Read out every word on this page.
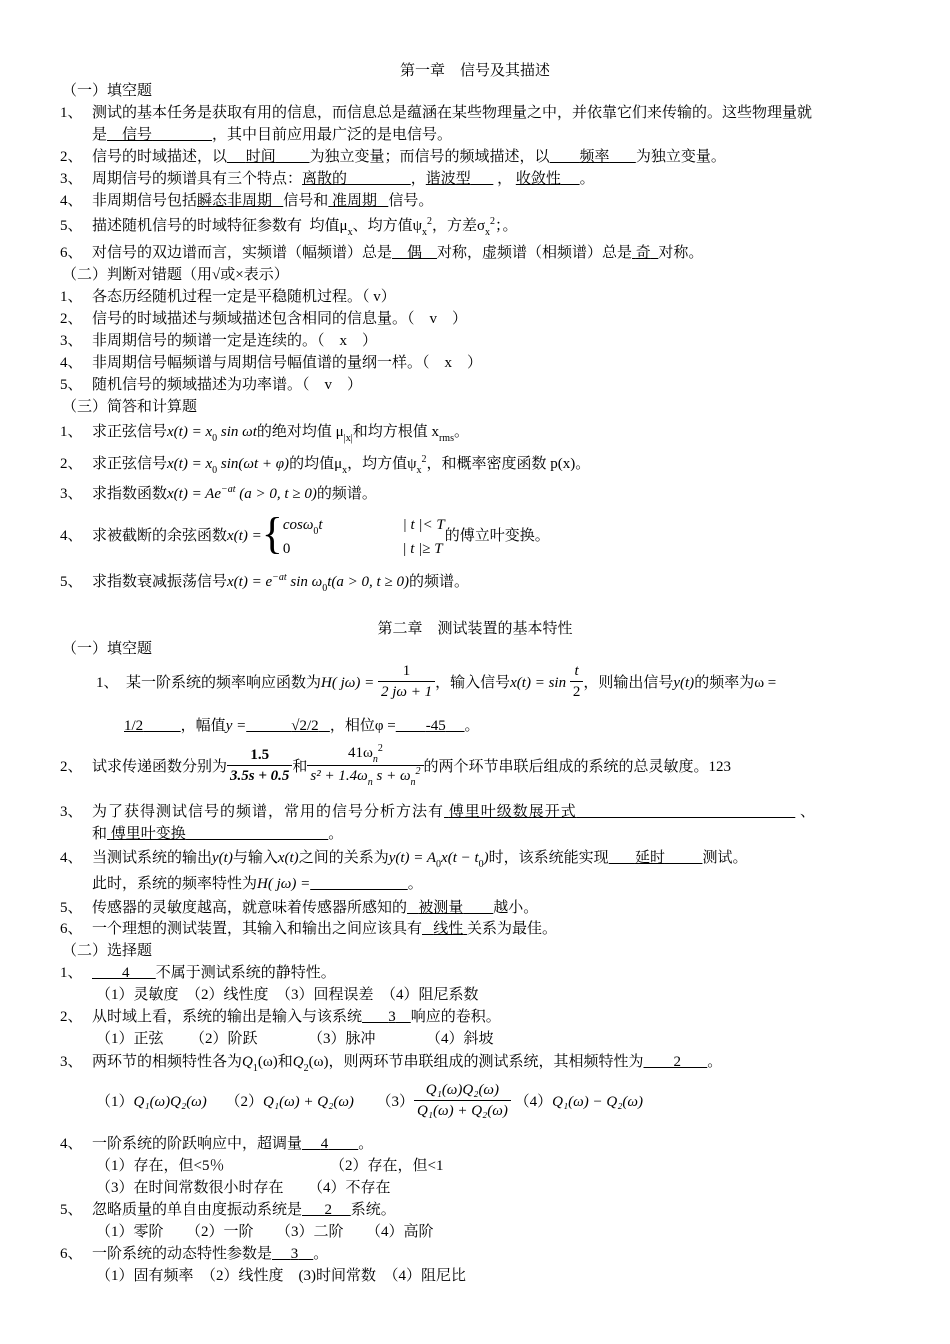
第一章　信号及其描述
（一）填空题
1、 测试的基本任务是获取有用的信息，而信息总是蕴涵在某些物理量之中，并依靠它们来传输的。这些物理量就
是 信号	，其中目前应用最广泛的是电信号。
2、 信号的时域描述，以 时间 为独立变量；而信号的频域描述，以 频率 为独立变量。
3、 周期信号的频谱具有三个特点：离散的	，谐波型 ， 收敛性 。
4、 非周期信号包括瞬态非周期 信号和 准周期 信号。
5、 描述随机信号的时域特征参数有 均值$\mu_x$、均方值$\psi_x^2$，方差$\sigma_x^2$；。
6、 对信号的双边谱而言，实频谱（幅频谱）总是 偶 对称，虚频谱（相频谱）总是 奇 对称。
（二）判断对错题（用√或×表示）
1、 各态历经随机过程一定是平稳随机过程。（ v）
2、 信号的时域描述与频域描述包含相同的信息量。（　v　）
3、 非周期信号的频谱一定是连续的。（　x　）
4、 非周期信号幅频谱与周期信号幅值谱的量纲一样。（　x　）
5、 随机信号的频域描述为功率谱。（　v　）
（三）简答和计算题
1、 求正弦信号$x(t) = x_0$ sin ωt的绝对均值 $\mu_{|x|}$和均方根值 $x_{rms}$。
2、 求正弦信号$x(t) = x_0$ sin(ωt + φ)的均值$\mu_x$，均方值$\psi_x^2$，和概率密度函数 p(x)。
3、 求指数函数$x(t) = Ae^{-at}$ (a > 0, t ≥ 0)的频谱。
4、 求被截断的余弦函数x(t) ={ cosω$_0$t	| t |< T
0	| t |≥ T
的傅立叶变换。
5、 求指数衰减振荡信号$x(t) = e^{-at}$ $\sin \omega_0t(a > 0$, t ≥ 0)的频谱。
第二章　测试装置的基本特性
（一）填空题
1、 某一阶系统的频率响应函数为H( $j\omega) = \frac{1}{2 j\omega + 1}$ ，输入信号$x(t) = \sin \frac{t}{2}$ ，则输出信号y(t)的频率为ω =
1/2	，幅值y =	√2/2 ，相位φ = -45 。
2、 试求传递函数分别为 $\frac{1.5}{3.5s + 0.5}$ 和 $\frac{41\omega_n^2}{s^2 + 1.4\omega_n s + \omega_n^2}$ 的两个环节串联后组成的系统的总灵敏度。123
3、 为了获得测试信号的频谱，常用的信号分析方法有 傅里叶级数展开式	、
和 傅里叶变换	。
4、 当测试系统的输出y(t)与输入x(t)之间的关系为$y(t) = A_0x(t - t_0)$时，该系统能实现 延时	测试。
此时，系统的频率特性为H( jω) =	。
5、 传感器的灵敏度越高，就意味着传感器所感知的 被测量 越小。
6、 一个理想的测试装置，其输入和输出之间应该具有 线性 关系为最佳。
（二）选择题
1、	4 不属于测试系统的静特性。
（1）灵敏度　（2）线性度　（3）回程误差　（4）阻尼系数
2、 从时域上看，系统的输出是输入与该系统 3 响应的卷积。
（1）正弦 （2）阶跃	（3）脉冲	（4）斜坡
3、 两环节的相频特性各为$Q_1(\omega)$和$Q_2(\omega)$，则两环节串联组成的测试系统，其相频特性为 2 。
（1）Q₁(ω)Q₂(ω) （2）Q₁(ω) + Q₂(ω) $(3) \frac{\text{Q₁(ω)Q₂(ω)}}{\text{Q₁(ω) + Q₂(ω)}} (4)Q_1(\omega) - Q_2(\omega)$
4、 一阶系统的阶跃响应中，超调量 4 。
（1）存在，但<5％	（2）存在，但<1
（3）在时间常数很小时存在 （4）不存在
5、 忽略质量的单自由度振动系统是 2 系统。
（1）零阶　　（2）一阶　　（3）二阶　　（4）高阶
6、 一阶系统的动态特性参数是 3 。
（1）固有频率　（2）线性度　(3)时间常数　（4）阻尼比
